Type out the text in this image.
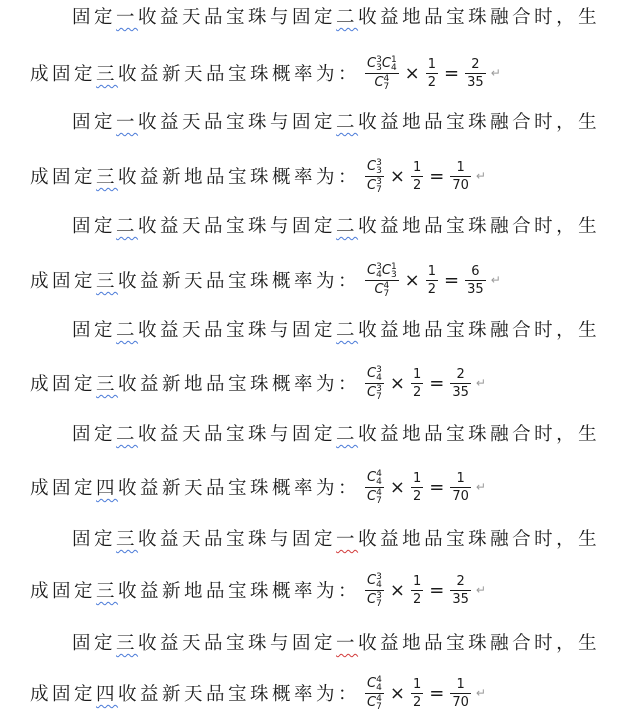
固定一收益天品宝珠与固定二收益地品宝珠融合时，生
成固定三收益新天品宝珠概率为： C 3
3 C 1
4
C 4
$7 \times \frac{1}{2} = \frac{2}{35}$ ↵
固定一收益天品宝珠与固定二收益地品宝珠融合时，生
成固定三收益新地品宝珠概率为： C 3
3
C 3
$7 \times \frac{1}{2} = \frac{1}{70}$ ↵
固定二收益天品宝珠与固定二收益地品宝珠融合时，生
成固定三收益新天品宝珠概率为： C 3
4 C 1
3
C 4
$7 \times \frac{1}{2} = \frac{6}{35}$ ↵
固定二收益天品宝珠与固定二收益地品宝珠融合时，生
成固定三收益新地品宝珠概率为： C 3
4
C 3
$7 \times \frac{1}{2} = \frac{2}{35}$ ↵
固定二收益天品宝珠与固定二收益地品宝珠融合时，生
成固定四收益新天品宝珠概率为： C 4
4
C 4
$7 \times \frac{1}{2} = \frac{1}{70}$ ↵
固定三收益天品宝珠与固定一收益地品宝珠融合时，生
成固定三收益新地品宝珠概率为： C 3
4
C 3
$7 \times \frac{1}{2} = \frac{2}{35}$ ↵
固定三收益天品宝珠与固定一收益地品宝珠融合时，生
成固定四收益新天品宝珠概率为： C 4
4
C 4
$7 \times \frac{1}{2} = \frac{1}{70}$ ↵
